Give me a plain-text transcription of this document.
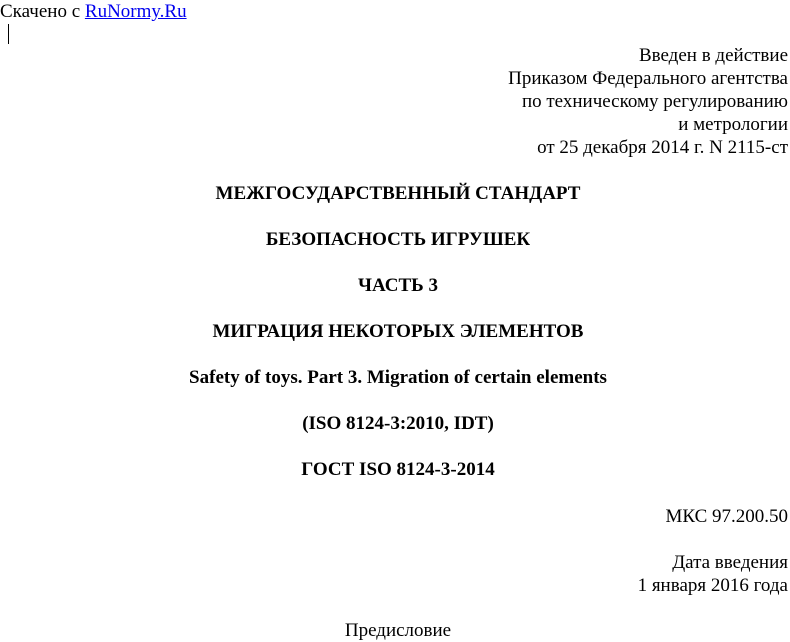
Скачено с RuNormy.Ru
Введен в действие
Приказом Федерального агентства
по техническому регулированию
и метрологии
от 25 декабря 2014 г. N 2115-ст
МЕЖГОСУДАРСТВЕННЫЙ СТАНДАРТ
БЕЗОПАСНОСТЬ ИГРУШЕК
ЧАСТЬ 3
МИГРАЦИЯ НЕКОТОРЫХ ЭЛЕМЕНТОВ
Safety of toys. Part 3. Migration of certain elements
(ISO 8124-3:2010, IDT)
ГОСТ ISO 8124-3-2014
МКС 97.200.50
Дата введения
1 января 2016 года
Предисловие
